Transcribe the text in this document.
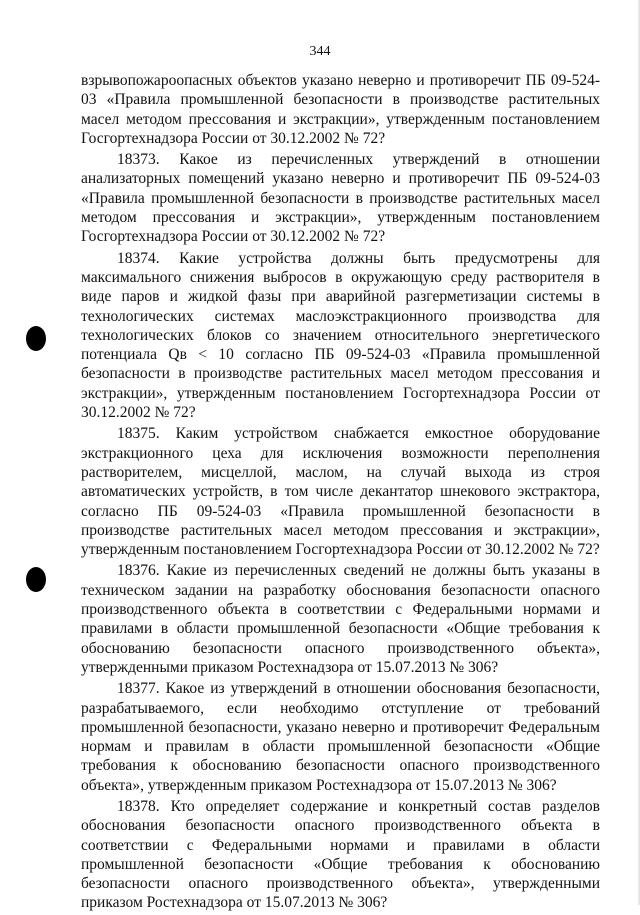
344

взрывопожароопасных объектов указано неверно и противоречит ПБ 09-524-03 «Правила промышленной безопасности в производстве растительных масел методом прессования и экстракции», утвержденным постановлением Госгортехнадзора России от 30.12.2002 № 72?

18373. Какое из перечисленных утверждений в отношении анализаторных помещений указано неверно и противоречит ПБ 09-524-03 «Правила промышленной безопасности в производстве растительных масел методом прессования и экстракции», утвержденным постановлением Госгортехнадзора России от 30.12.2002 № 72?

18374. Какие устройства должны быть предусмотрены для максимального снижения выбросов в окружающую среду растворителя в виде паров и жидкой фазы при аварийной разгерметизации системы в технологических системах маслоэкстракционного производства для технологических блоков со значением относительного энергетического потенциала Qв < 10 согласно ПБ 09-524-03 «Правила промышленной безопасности в производстве растительных масел методом прессования и экстракции», утвержденным постановлением Госгортехнадзора России от 30.12.2002 № 72?

18375. Каким устройством снабжается емкостное оборудование экстракционного цеха для исключения возможности переполнения растворителем, мисцеллой, маслом, на случай выхода из строя автоматических устройств, в том числе декантатор шнекового экстрактора, согласно ПБ 09-524-03 «Правила промышленной безопасности в производстве растительных масел методом прессования и экстракции», утвержденным постановлением Госгортехнадзора России от 30.12.2002 № 72?

18376. Какие из перечисленных сведений не должны быть указаны в техническом задании на разработку обоснования безопасности опасного производственного объекта в соответствии с Федеральными нормами и правилами в области промышленной безопасности «Общие требования к обоснованию безопасности опасного производственного объекта», утвержденными приказом Ростехнадзора от 15.07.2013 № 306?

18377. Какое из утверждений в отношении обоснования безопасности, разрабатываемого, если необходимо отступление от требований промышленной безопасности, указано неверно и противоречит Федеральным нормам и правилам в области промышленной безопасности «Общие требования к обоснованию безопасности опасного производственного объекта», утвержденным приказом Ростехнадзора от 15.07.2013 № 306?

18378. Кто определяет содержание и конкретный состав разделов обоснования безопасности опасного производственного объекта в соответствии с Федеральными нормами и правилами в области промышленной безопасности «Общие требования к обоснованию безопасности опасного производственного объекта», утвержденными приказом Ростехнадзора от 15.07.2013 № 306?
